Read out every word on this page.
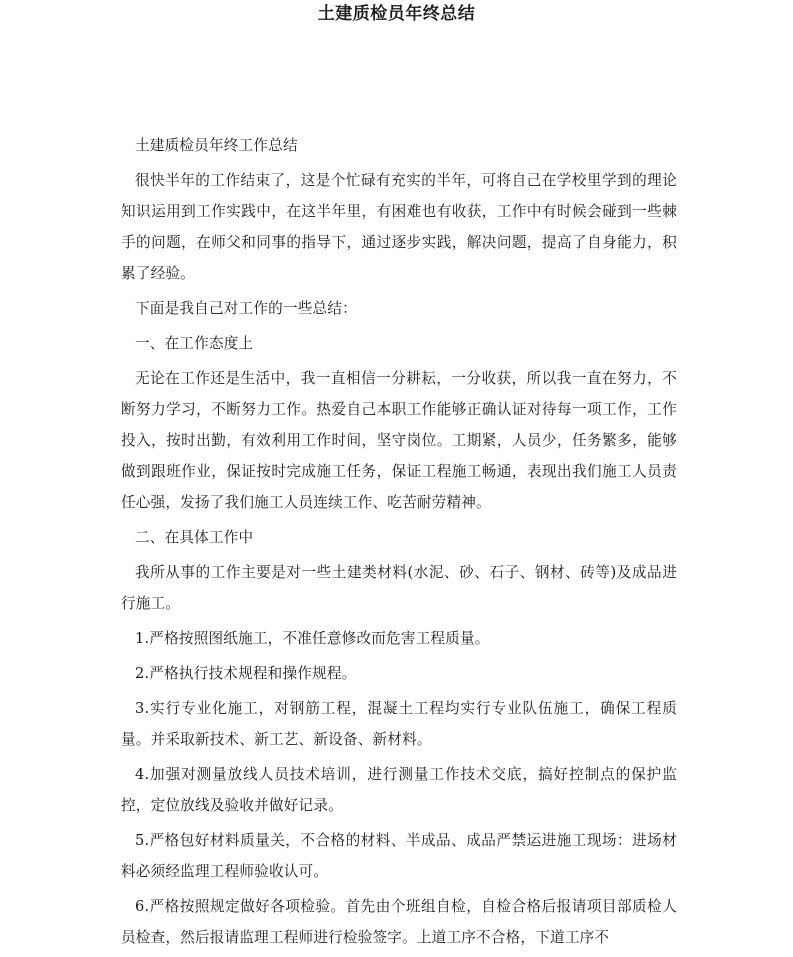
土建质检员年终总结

土建质检员年终工作总结

很快半年的工作结束了，这是个忙碌有充实的半年，可将自己在学校里学到的理论知识运用到工作实践中，在这半年里，有困难也有收获，工作中有时候会碰到一些棘手的问题，在师父和同事的指导下，通过逐步实践，解决问题，提高了自身能力，积累了经验。

下面是我自己对工作的一些总结：

一、在工作态度上

无论在工作还是生活中，我一直相信一分耕耘，一分收获，所以我一直在努力，不断努力学习，不断努力工作。热爱自己本职工作能够正确认证对待每一项工作，工作投入，按时出勤，有效利用工作时间，坚守岗位。工期紧，人员少，任务繁多，能够做到跟班作业，保证按时完成施工任务，保证工程施工畅通，表现出我们施工人员责任心强，发扬了我们施工人员连续工作、吃苦耐劳精神。

二、在具体工作中

我所从事的工作主要是对一些土建类材料(水泥、砂、石子、钢材、砖等)及成品进行施工。

1.严格按照图纸施工，不准任意修改而危害工程质量。

2.严格执行技术规程和操作规程。

3.实行专业化施工，对钢筋工程，混凝土工程均实行专业队伍施工，确保工程质量。并采取新技术、新工艺、新设备、新材料。

4.加强对测量放线人员技术培训，进行测量工作技术交底，搞好控制点的保护监控，定位放线及验收并做好记录。

5.严格包好材料质量关，不合格的材料、半成品、成品严禁运进施工现场：进场材料必须经监理工程师验收认可。

6.严格按照规定做好各项检验。首先由个班组自检，自检合格后报请项目部质检人员检查，然后报请监理工程师进行检验签字。上道工序不合格，下道工序不
